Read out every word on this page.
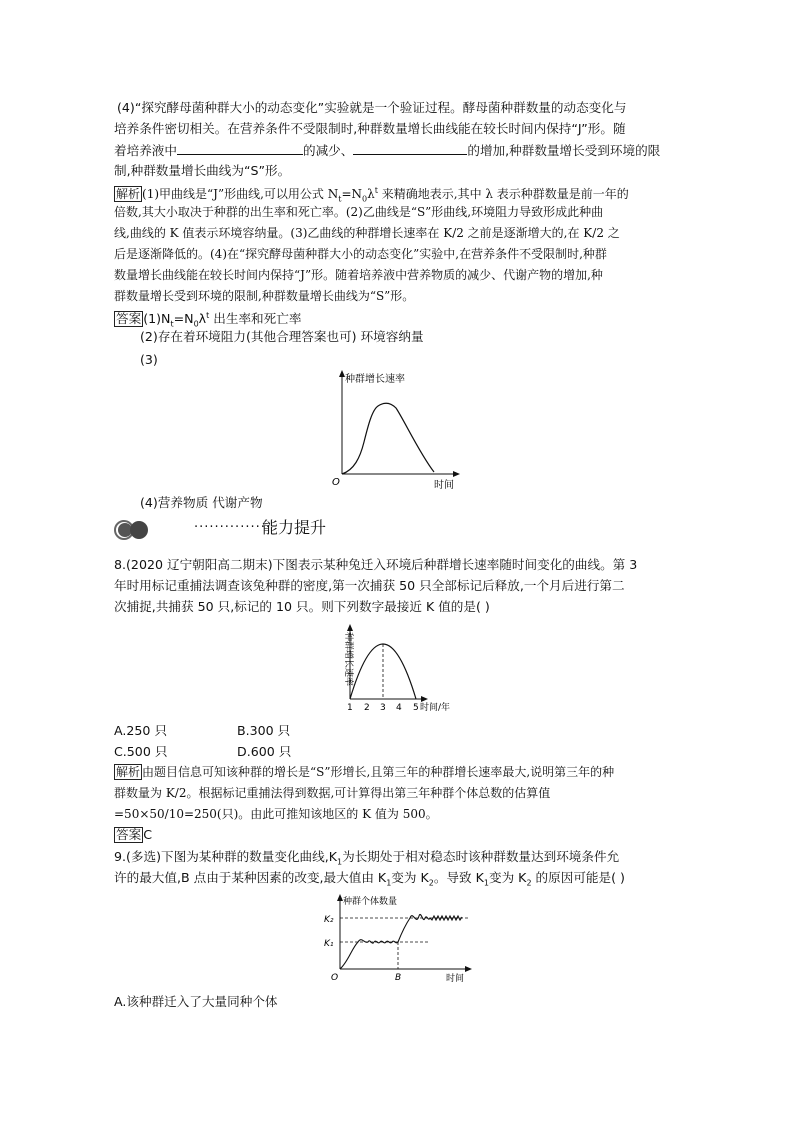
(4)“探究酵母菌种群大小的动态变化”实验就是一个验证过程。酵母菌种群数量的动态变化与
培养条件密切相关。在营养条件不受限制时,种群数量增长曲线能在较长时间内保持“J”形。随
着培养液中	的减少、	的增加,种群数量增长受到环境的限
制,种群数量增长曲线为“S”形。
解析 (1)甲曲线是“J”形曲线,可以用公式 $N_t=N_0\lambda^t$ 来精确地表示,其中 λ 表示种群数量是前一年的
倍数,其大小取决于种群的出生率和死亡率。(2)乙曲线是“S”形曲线,环境阻力导致形成此种曲
线,曲线的 K 值表示环境容纳量。(3)乙曲线的种群增长速率在 K/2 之前是逐渐增大的,在 K/2 之
后是逐渐降低的。(4)在“探究酵母菌种群大小的动态变化”实验中,在营养条件不受限制时,种群
数量增长曲线能在较长时间内保持“J”形。随着培养液中营养物质的减少、代谢产物的增加,种
群数量增长受到环境的限制,种群数量增长曲线为“S”形。
答案 $(1)N_t=N_0\lambda^t$ 出生率和死亡率
(2)存在着环境阻力(其他合理答案也可) 环境容纳量
(3)
种群增长速率
O	时间
(4)营养物质 代谢产物
···············
能力提升
8.(2020 辽宁朝阳高二期末)下图表示某种兔迁入环境后种群增长速率随时间变化的曲线。第 3
年时用标记重捕法调查该兔种群的密度,第一次捕获 50 只全部标记后释放,一个月后进行第二
次捕捉,共捕获 50 只,标记的 10 只。则下列数字最接近 K 值的是( )
种群增长速率
1 2 3 4 5 时间/年
A.250 只	B.300 只
C.500 只	D.600 只
解析 由题目信息可知该种群的增长是“S”形增长,且第三年的种群增长速率最大,说明第三年的种
群数量为 K/2。根据标记重捕法得到数据,可计算得出第三年种群个体总数的估算值
=50×50/10=250(只)。由此可推知该地区的 K 值为 500。
答案 C
9.(多选)下图为某种群的数量变化曲线$,K_1$为长期处于相对稳态时该种群数量达到环境条件允
许的最大值,B 点由于某种因素的改变,最大值由 $K_1$变为 $K_2$。导致 $K_1$变为 $K_2$ 的原因可能是( )
种群个体数量
K₂
K₁
O	B	时间
A.该种群迁入了大量同种个体
